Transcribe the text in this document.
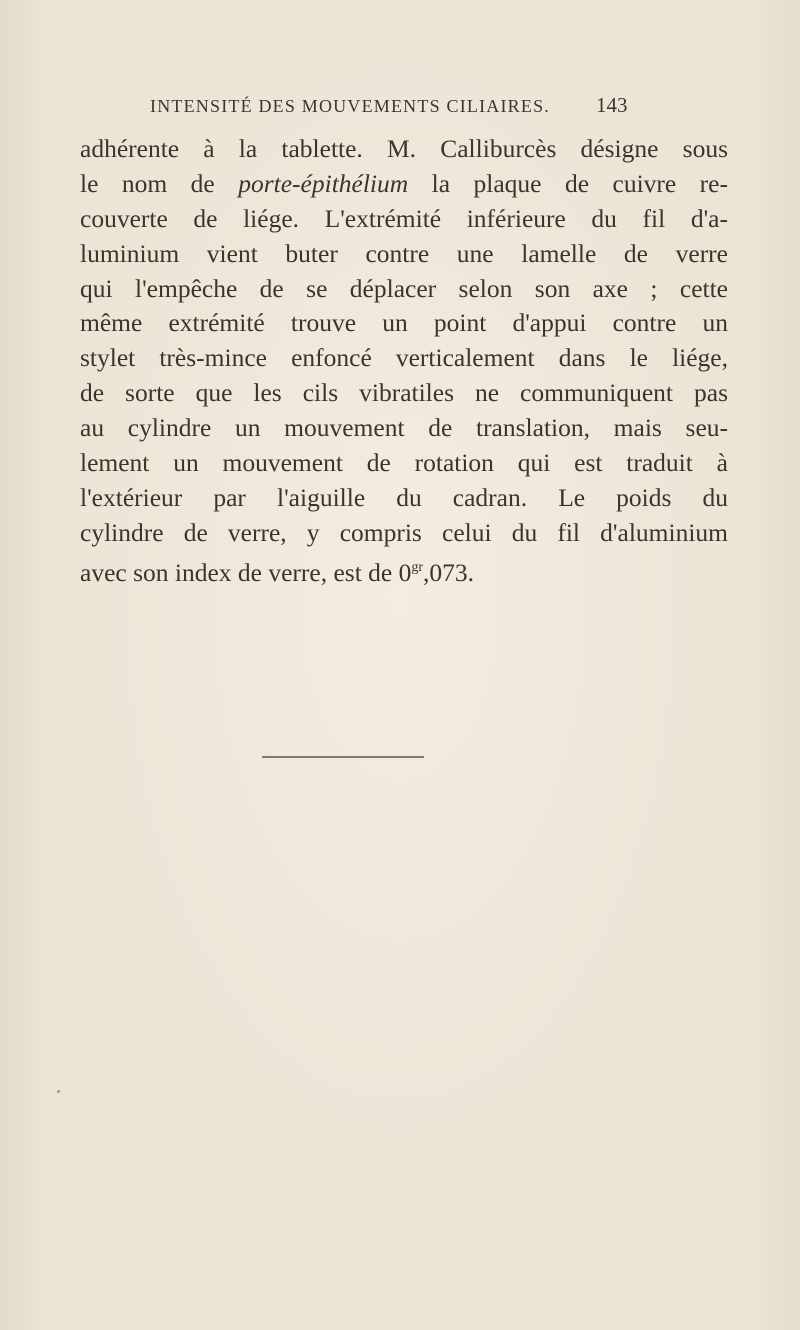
INTENSITÉ DES MOUVEMENTS CILIAIRES.	143
adhérente à la tablette. M. Calliburcès désigne sous
le nom de porte-épithélium la plaque de cuivre re-
couverte de liége. L'extrémité inférieure du fil d'a-
luminium vient buter contre une lamelle de verre
qui l'empêche de se déplacer selon son axe ; cette
même extrémité trouve un point d'appui contre un
stylet très-mince enfoncé verticalement dans le liége,
de sorte que les cils vibratiles ne communiquent pas
au cylindre un mouvement de translation, mais seu-
lement un mouvement de rotation qui est traduit à
l'extérieur par l'aiguille du cadran. Le poids du
cylindre de verre, y compris celui du fil d'aluminium
avec son index de verre, est de $0^{gr},073$.
